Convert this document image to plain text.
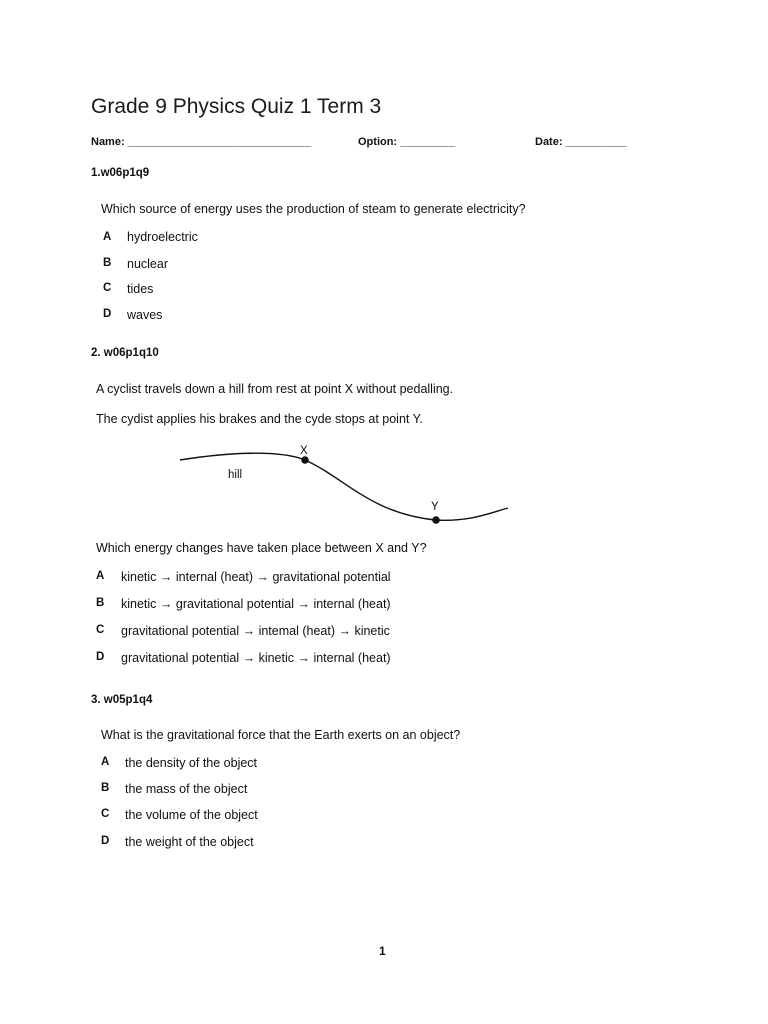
Grade 9 Physics Quiz 1 Term 3
Name: ______________________________	Option: _________	Date: __________
1.w06p1q9
Which source of energy uses the production of steam to generate electricity?
A hydroelectric
B nuclear
C tides
D waves
2. w06p1q10
A cyclist travels down a hill from rest at point X without pedalling.
The cydist applies his brakes and the cyde stops at point Y.
X
Y
hill
Which energy changes have taken place between X and Y?
A kinetic → internal (heat) → gravitational potential
B kinetic → gravitational potential → internal (heat)
C gravitational potential → intemal (heat) → kinetic
D gravitational potential → kinetic → internal (heat)
3. w05p1q4
What is the gravitational force that the Earth exerts on an object?
A the density of the object
B the mass of the object
C the volume of the object
D the weight of the object
1
